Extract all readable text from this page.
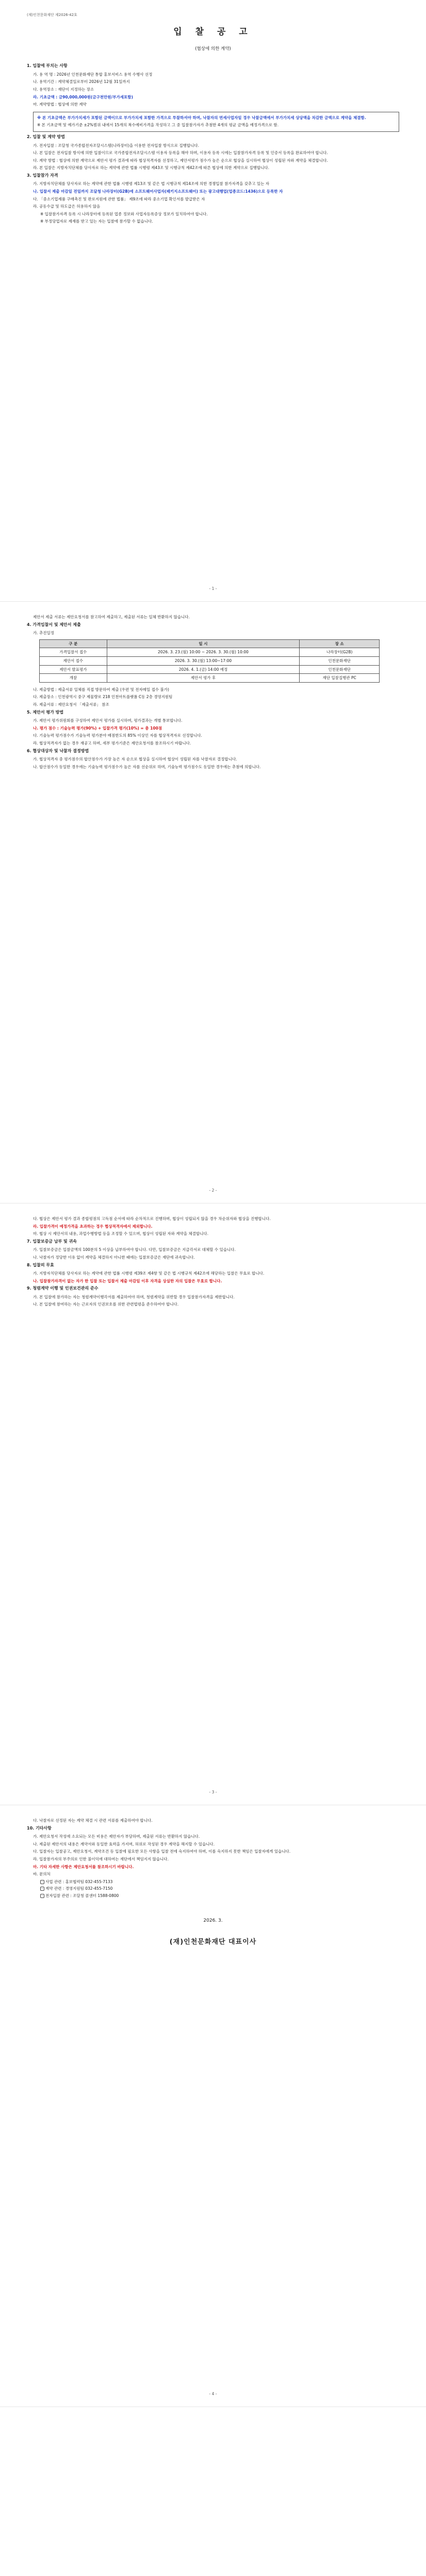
(재)인천문화재단 제2026-42호
입 찰 공 고
(협상에 의한 계약)
1. 입찰에 부치는 사항
가. 용 역 명 : 2026년 인천문화재단 통합 홍보서비스 용역 수행사 선정
나. 용역기간 : 계약체결일로부터 2026년 12월 31일까지
다. 용역장소 : 재단이 지정하는 장소
라. 기초금액 : 금90,000,000원(금구천만원/부가세포함)
마. 계약방법 : 협상에 의한 계약
※ 본 기초금액은 부가가치세가 포함된 금액이므로 부가가치세 포함한 가격으로 투찰하셔야 하며, 낙찰자의 면세사업자일 경우 낙찰금액에서 부가가치세 상당액을 차감한 금액으로 계약을 체결함.
※ 본 기초금액 및 예가기준 ±2%범위 내에서 15개의 복수예비가격을 작성하고 그 중 입찰참가자가 추첨한 4개의 평균 금액을 예정가격으로 함.
2. 입찰 및 계약 방법
가. 전자입찰 : 조달청 국가종합전자조달시스템(나라장터)을 이용한 전자입찰 방식으로 집행합니다.
나. 본 입찰은 전자입찰 방식에 의한 입찰이므로 국가종합전자조달시스템 이용자 등록을 해야 하며, 이용자 등록 시에는 입찰참가자격 등록 및 인증서 등록을 완료하여야 합니다.
다. 계약 방법 : 협상에 의한 계약으로 제안서 평가 결과에 따라 협상적격자를 선정하고, 제안서평가 점수가 높은 순으로 협상을 실시하여 협상이 성립된 자와 계약을 체결합니다.
라. 본 입찰은 지방자치단체를 당사자로 하는 계약에 관한 법률 시행령 제43조 및 시행규칙 제42조에 따른 협상에 의한 계약으로 집행합니다.
3. 입찰참가 자격
가. 지방자치단체를 당사자로 하는 계약에 관한 법률 시행령 제13조 및 같은 법 시행규칙 제14조에 의한 경쟁입찰 참가자격을 갖추고 있는 자
나. 입찰서 제출 마감일 전일까지 조달청 나라장터(G2B)에 소프트웨어사업자(패키지소프트웨어) 또는 광고대행업(업종코드:1436)으로 등록한 자
다. 「중소기업제품 구매촉진 및 판로지원에 관한 법률」 제9조에 따라 중소기업 확인서를 발급받은 자
라. 공동수급 및 하도급은 허용하지 않음
※ 입찰참가자격 등록 시 나라장터에 등록된 업종 정보와 사업자등록증상 정보가 일치하여야 합니다.
※ 부정당업자로 제재를 받고 있는 자는 입찰에 참가할 수 없습니다.
- 1 -
제안서 제출 서류는 제안요청서를 참고하여 제출하고, 제출된 서류는 일체 반환하지 않습니다.
4. 가격입찰서 및 제안서 제출
가. 추진일정
구 분	일 시	장 소
가격입찰서 접수	2026. 3. 23.(월) 10:00 ~ 2026. 3. 30.(월) 10:00	나라장터(G2B)
제안서 접수	2026. 3. 30.(월) 13:00~17:00	인천문화재단
제안서 발표평가	2026. 4. 1.(금) 14:00 예정	인천문화재단
개찰	제안서 평가 후	재단 입찰집행관 PC
나. 제출방법 : 제출서류 일체를 직접 방문하여 제출 (우편 및 전자메일 접수 불가)
다. 제출장소 : 인천광역시 중구 제물량로 218 인천아트플랫폼 C동 2층 경영지원팀
라. 제출서류 : 제안요청서 「제출서류」 참조
5. 제안서 평가 방법
가. 제안서 평가위원회를 구성하여 제안서 평가를 실시하며, 평가결과는 개별 통보합니다.
나. 평가 점수 : 기술능력 평가(90%) + 입찰가격 평가(10%) = 총 100점
다. 기술능력 평가점수가 기술능력 평가분야 배점한도의 85% 이상인 자를 협상적격자로 선정합니다.
라. 협상적격자가 없는 경우 재공고 하며, 세부 평가기준은 제안요청서를 참조하시기 바랍니다.
6. 협상대상자 및 낙찰자 결정방법
가. 협상적격자 중 평가점수의 합산점수가 가장 높은 자 순으로 협상을 실시하여 협상이 성립된 자를 낙찰자로 결정합니다.
나. 합산점수가 동일한 경우에는 기술능력 평가점수가 높은 자를 선순위로 하며, 기술능력 평가점수도 동일한 경우에는 추첨에 의합니다.
- 2 -
다. 협상은 제안서 평가 결과 종합평점의 고득점 순서에 따라 순차적으로 진행하며, 협상이 성립되지 않을 경우 차순위자와 협상을 진행합니다.
라. 입찰가격이 예정가격을 초과하는 경우 협상적격자에서 제외합니다.
마. 협상 시 제안서의 내용, 과업수행방법 등을 조정할 수 있으며, 협상이 성립된 자와 계약을 체결합니다.
7. 입찰보증금 납부 및 귀속
가. 입찰보증금은 입찰금액의 100분의 5 이상을 납부하여야 합니다. 다만, 입찰보증금은 지급각서로 대체할 수 있습니다.
나. 낙찰자가 정당한 이유 없이 계약을 체결하지 아니한 때에는 입찰보증금은 재단에 귀속합니다.
8. 입찰의 무효
가. 지방자치단체를 당사자로 하는 계약에 관한 법률 시행령 제39조 제4항 및 같은 법 시행규칙 제42조에 해당하는 입찰은 무효로 합니다.
나. 입찰참가자격이 없는 자가 한 입찰 또는 입찰서 제출 마감일 이후 자격을 상실한 자의 입찰은 무효로 합니다.
9. 청렴계약 이행 및 인권보건관리 준수
가. 본 입찰에 참가하는 자는 청렴계약이행각서를 제출하여야 하며, 청렴계약을 위반할 경우 입찰참가자격을 제한합니다.
나. 본 입찰에 참여하는 자는 근로자의 인권보호를 위한 관련법령을 준수하여야 합니다.
- 3 -
다. 낙찰자로 선정된 자는 계약 체결 시 관련 서류를 제출하여야 합니다.
10. 기타사항
가. 제안요청서 작성에 소요되는 모든 비용은 제안자가 부담하며, 제출된 서류는 반환하지 않습니다.
나. 제출된 제안서의 내용은 계약서와 동일한 효력을 가지며, 허위로 작성된 경우 계약을 해지할 수 있습니다.
다. 입찰자는 입찰공고, 제안요청서, 계약조건 등 입찰에 필요한 모든 사항을 입찰 전에 숙지하여야 하며, 이를 숙지하지 못한 책임은 입찰자에게 있습니다.
라. 입찰참가자의 부주의로 인한 불이익에 대하여는 재단에서 책임지지 않습니다.
마. 기타 자세한 사항은 제안요청서를 참조하시기 바랍니다.
바. 문의처
- 사업 관련 : 홍보협력팀 032-455-7133
- 계약 관련 : 경영지원팀 032-455-7150
- 전자입찰 관련 : 조달청 콜센터 1588-0800
2026. 3.
(재)인천문화재단 대표이사
- 4 -
